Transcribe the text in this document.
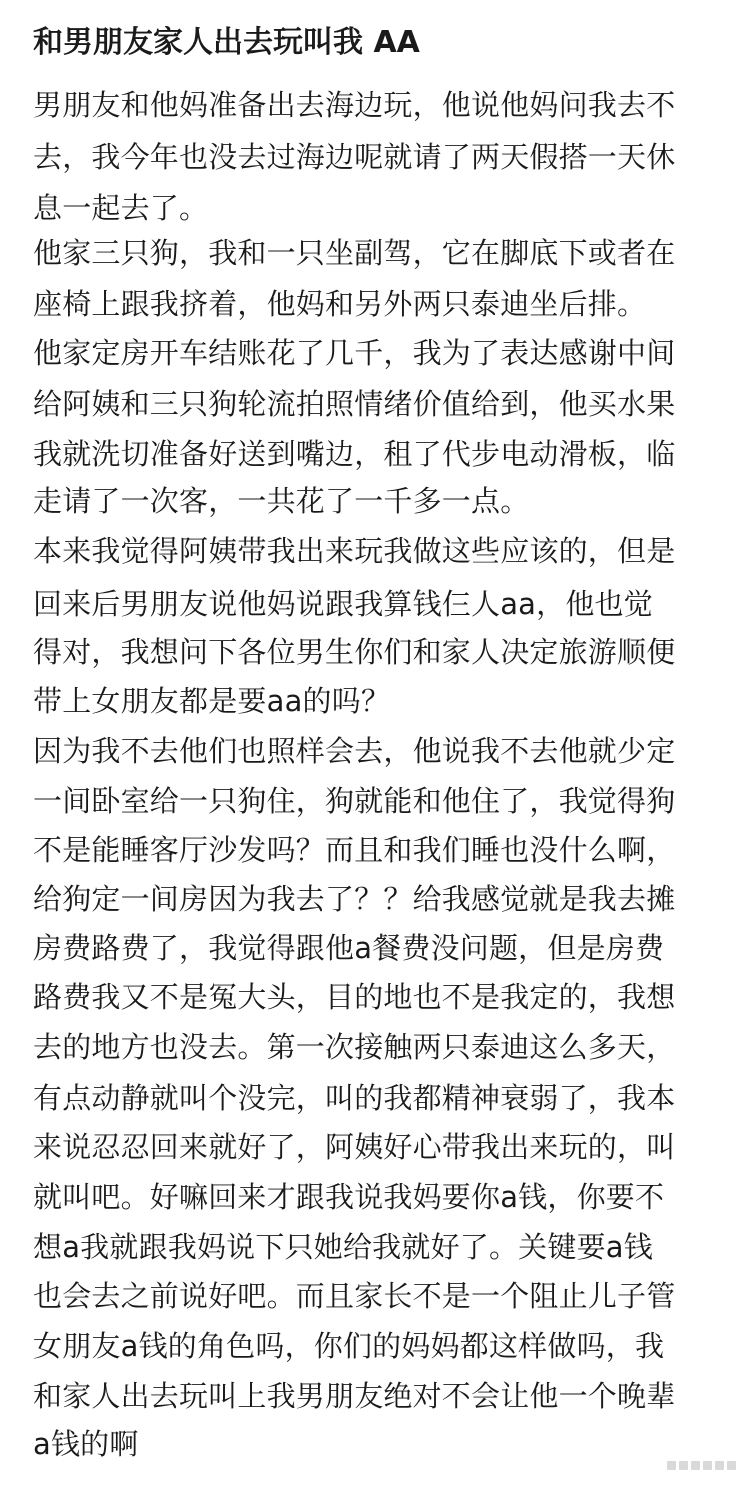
和男朋友家人出去玩叫我 AA
男朋友和他妈准备出去海边玩，他说他妈问我去不
去，我今年也没去过海边呢就请了两天假搭一天休
息一起去了。
他家三只狗，我和一只坐副驾，它在脚底下或者在
座椅上跟我挤着，他妈和另外两只泰迪坐后排。
他家定房开车结账花了几千，我为了表达感谢中间
给阿姨和三只狗轮流拍照情绪价值给到，他买水果
我就洗切准备好送到嘴边，租了代步电动滑板，临
走请了一次客，一共花了一千多一点。
本来我觉得阿姨带我出来玩我做这些应该的，但是
回来后男朋友说他妈说跟我算钱仨人aa，他也觉
得对，我想问下各位男生你们和家人决定旅游顺便
带上女朋友都是要aa的吗？
因为我不去他们也照样会去，他说我不去他就少定
一间卧室给一只狗住，狗就能和他住了，我觉得狗
不是能睡客厅沙发吗？而且和我们睡也没什么啊，
给狗定一间房因为我去了？？给我感觉就是我去摊
房费路费了，我觉得跟他a餐费没问题，但是房费
路费我又不是冤大头，目的地也不是我定的，我想
去的地方也没去。第一次接触两只泰迪这么多天，
有点动静就叫个没完，叫的我都精神衰弱了，我本
来说忍忍回来就好了，阿姨好心带我出来玩的，叫
就叫吧。好嘛回来才跟我说我妈要你a钱，你要不
想a我就跟我妈说下只她给我就好了。关键要a钱
也会去之前说好吧。而且家长不是一个阻止儿子管
女朋友a钱的角色吗，你们的妈妈都这样做吗，我
和家人出去玩叫上我男朋友绝对不会让他一个晚辈
a钱的啊
